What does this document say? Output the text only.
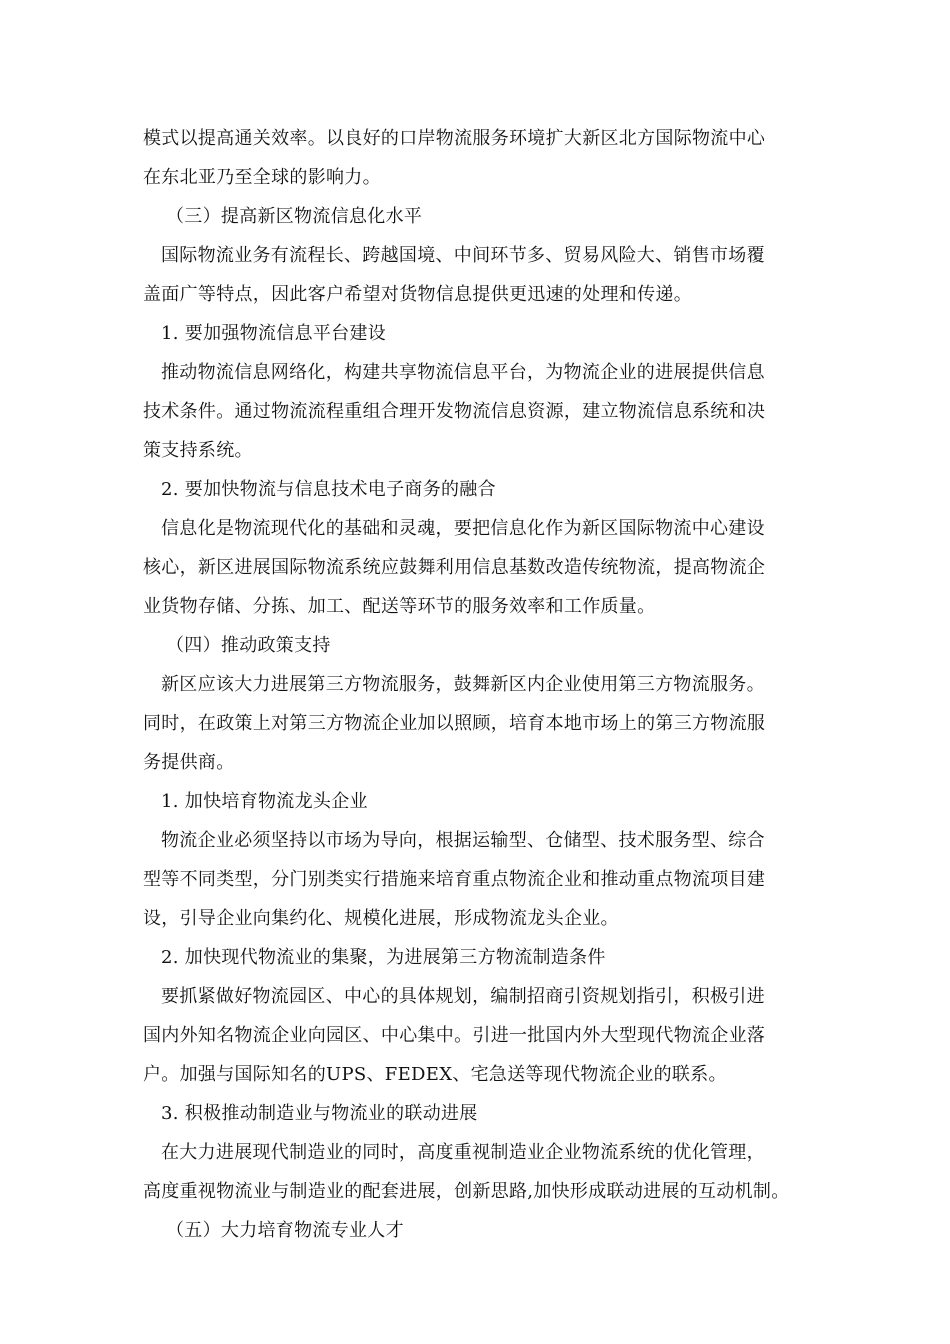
模式以提高通关效率。以良好的口岸物流服务环境扩大新区北方国际物流中心
在东北亚乃至全球的影响力。
（三）提高新区物流信息化水平
国际物流业务有流程长、跨越国境、中间环节多、贸易风险大、销售市场覆
盖面广等特点，因此客户希望对货物信息提供更迅速的处理和传递。
1. 要加强物流信息平台建设
推动物流信息网络化，构建共享物流信息平台，为物流企业的进展提供信息
技术条件。通过物流流程重组合理开发物流信息资源，建立物流信息系统和决
策支持系统。
2. 要加快物流与信息技术电子商务的融合
信息化是物流现代化的基础和灵魂，要把信息化作为新区国际物流中心建设
核心，新区进展国际物流系统应鼓舞利用信息基数改造传统物流，提高物流企
业货物存储、分拣、加工、配送等环节的服务效率和工作质量。
（四）推动政策支持
新区应该大力进展第三方物流服务，鼓舞新区内企业使用第三方物流服务。
同时，在政策上对第三方物流企业加以照顾，培育本地市场上的第三方物流服
务提供商。
1. 加快培育物流龙头企业
物流企业必须坚持以市场为导向，根据运输型、仓储型、技术服务型、综合
型等不同类型，分门别类实行措施来培育重点物流企业和推动重点物流项目建
设，引导企业向集约化、规模化进展，形成物流龙头企业。
2. 加快现代物流业的集聚，为进展第三方物流制造条件
要抓紧做好物流园区、中心的具体规划，编制招商引资规划指引，积极引进
国内外知名物流企业向园区、中心集中。引进一批国内外大型现代物流企业落
户。加强与国际知名的UPS、FEDEX、宅急送等现代物流企业的联系。
3. 积极推动制造业与物流业的联动进展
在大力进展现代制造业的同时，高度重视制造业企业物流系统的优化管理，
高度重视物流业与制造业的配套进展，创新思路,加快形成联动进展的互动机制。
（五）大力培育物流专业人才
